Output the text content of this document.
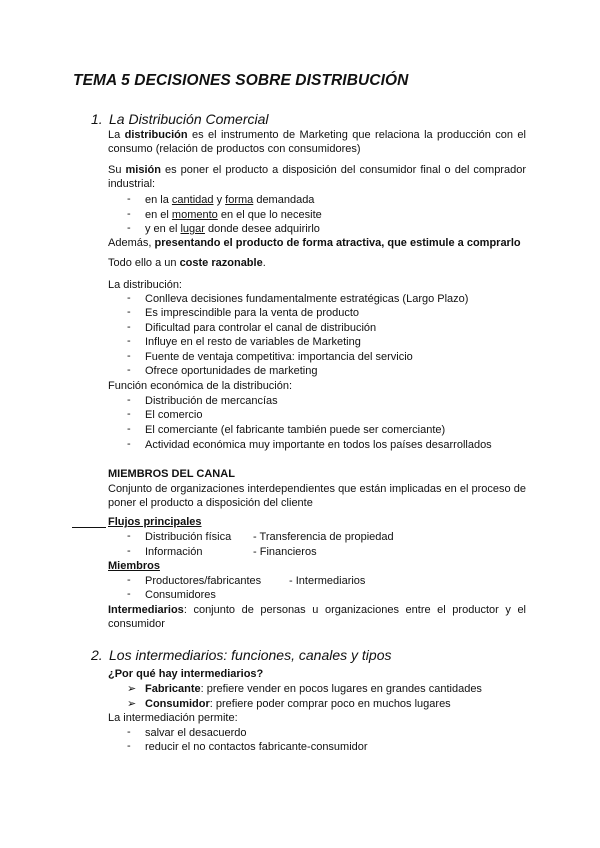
TEMA 5 DECISIONES SOBRE DISTRIBUCIÓN
1. La Distribución Comercial
La distribución es el instrumento de Marketing que relaciona la producción con el consumo (relación de productos con consumidores)
Su misión es poner el producto a disposición del consumidor final o del comprador industrial:
- en la cantidad y forma demandada
- en el momento en el que lo necesite
- y en el lugar donde desee adquirirlo
Además, presentando el producto de forma atractiva, que estimule a comprarlo
Todo ello a un coste razonable.
La distribución:
- Conlleva decisiones fundamentalmente estratégicas (Largo Plazo)
- Es imprescindible para la venta de producto
- Dificultad para controlar el canal de distribución
- Influye en el resto de variables de Marketing
- Fuente de ventaja competitiva: importancia del servicio
- Ofrece oportunidades de marketing
Función económica de la distribución:
- Distribución de mercancías
- El comercio
- El comerciante (el fabricante también puede ser comerciante)
- Actividad económica muy importante en todos los países desarrollados
MIEMBROS DEL CANAL
Conjunto de organizaciones interdependientes que están implicadas en el proceso de poner el producto a disposición del cliente
Flujos principales
- Distribución física - Transferencia de propiedad
- Información	- Financieros
Miembros
- Productores/fabricantes	- Intermediarios
- Consumidores
Intermediarios: conjunto de personas u organizaciones entre el productor y el consumidor
2. Los intermediarios: funciones, canales y tipos
¿Por qué hay intermediarios?
➢ Fabricante: prefiere vender en pocos lugares en grandes cantidades
➢ Consumidor: prefiere poder comprar poco en muchos lugares
La intermediación permite:
- salvar el desacuerdo
- reducir el no contactos fabricante-consumidor
